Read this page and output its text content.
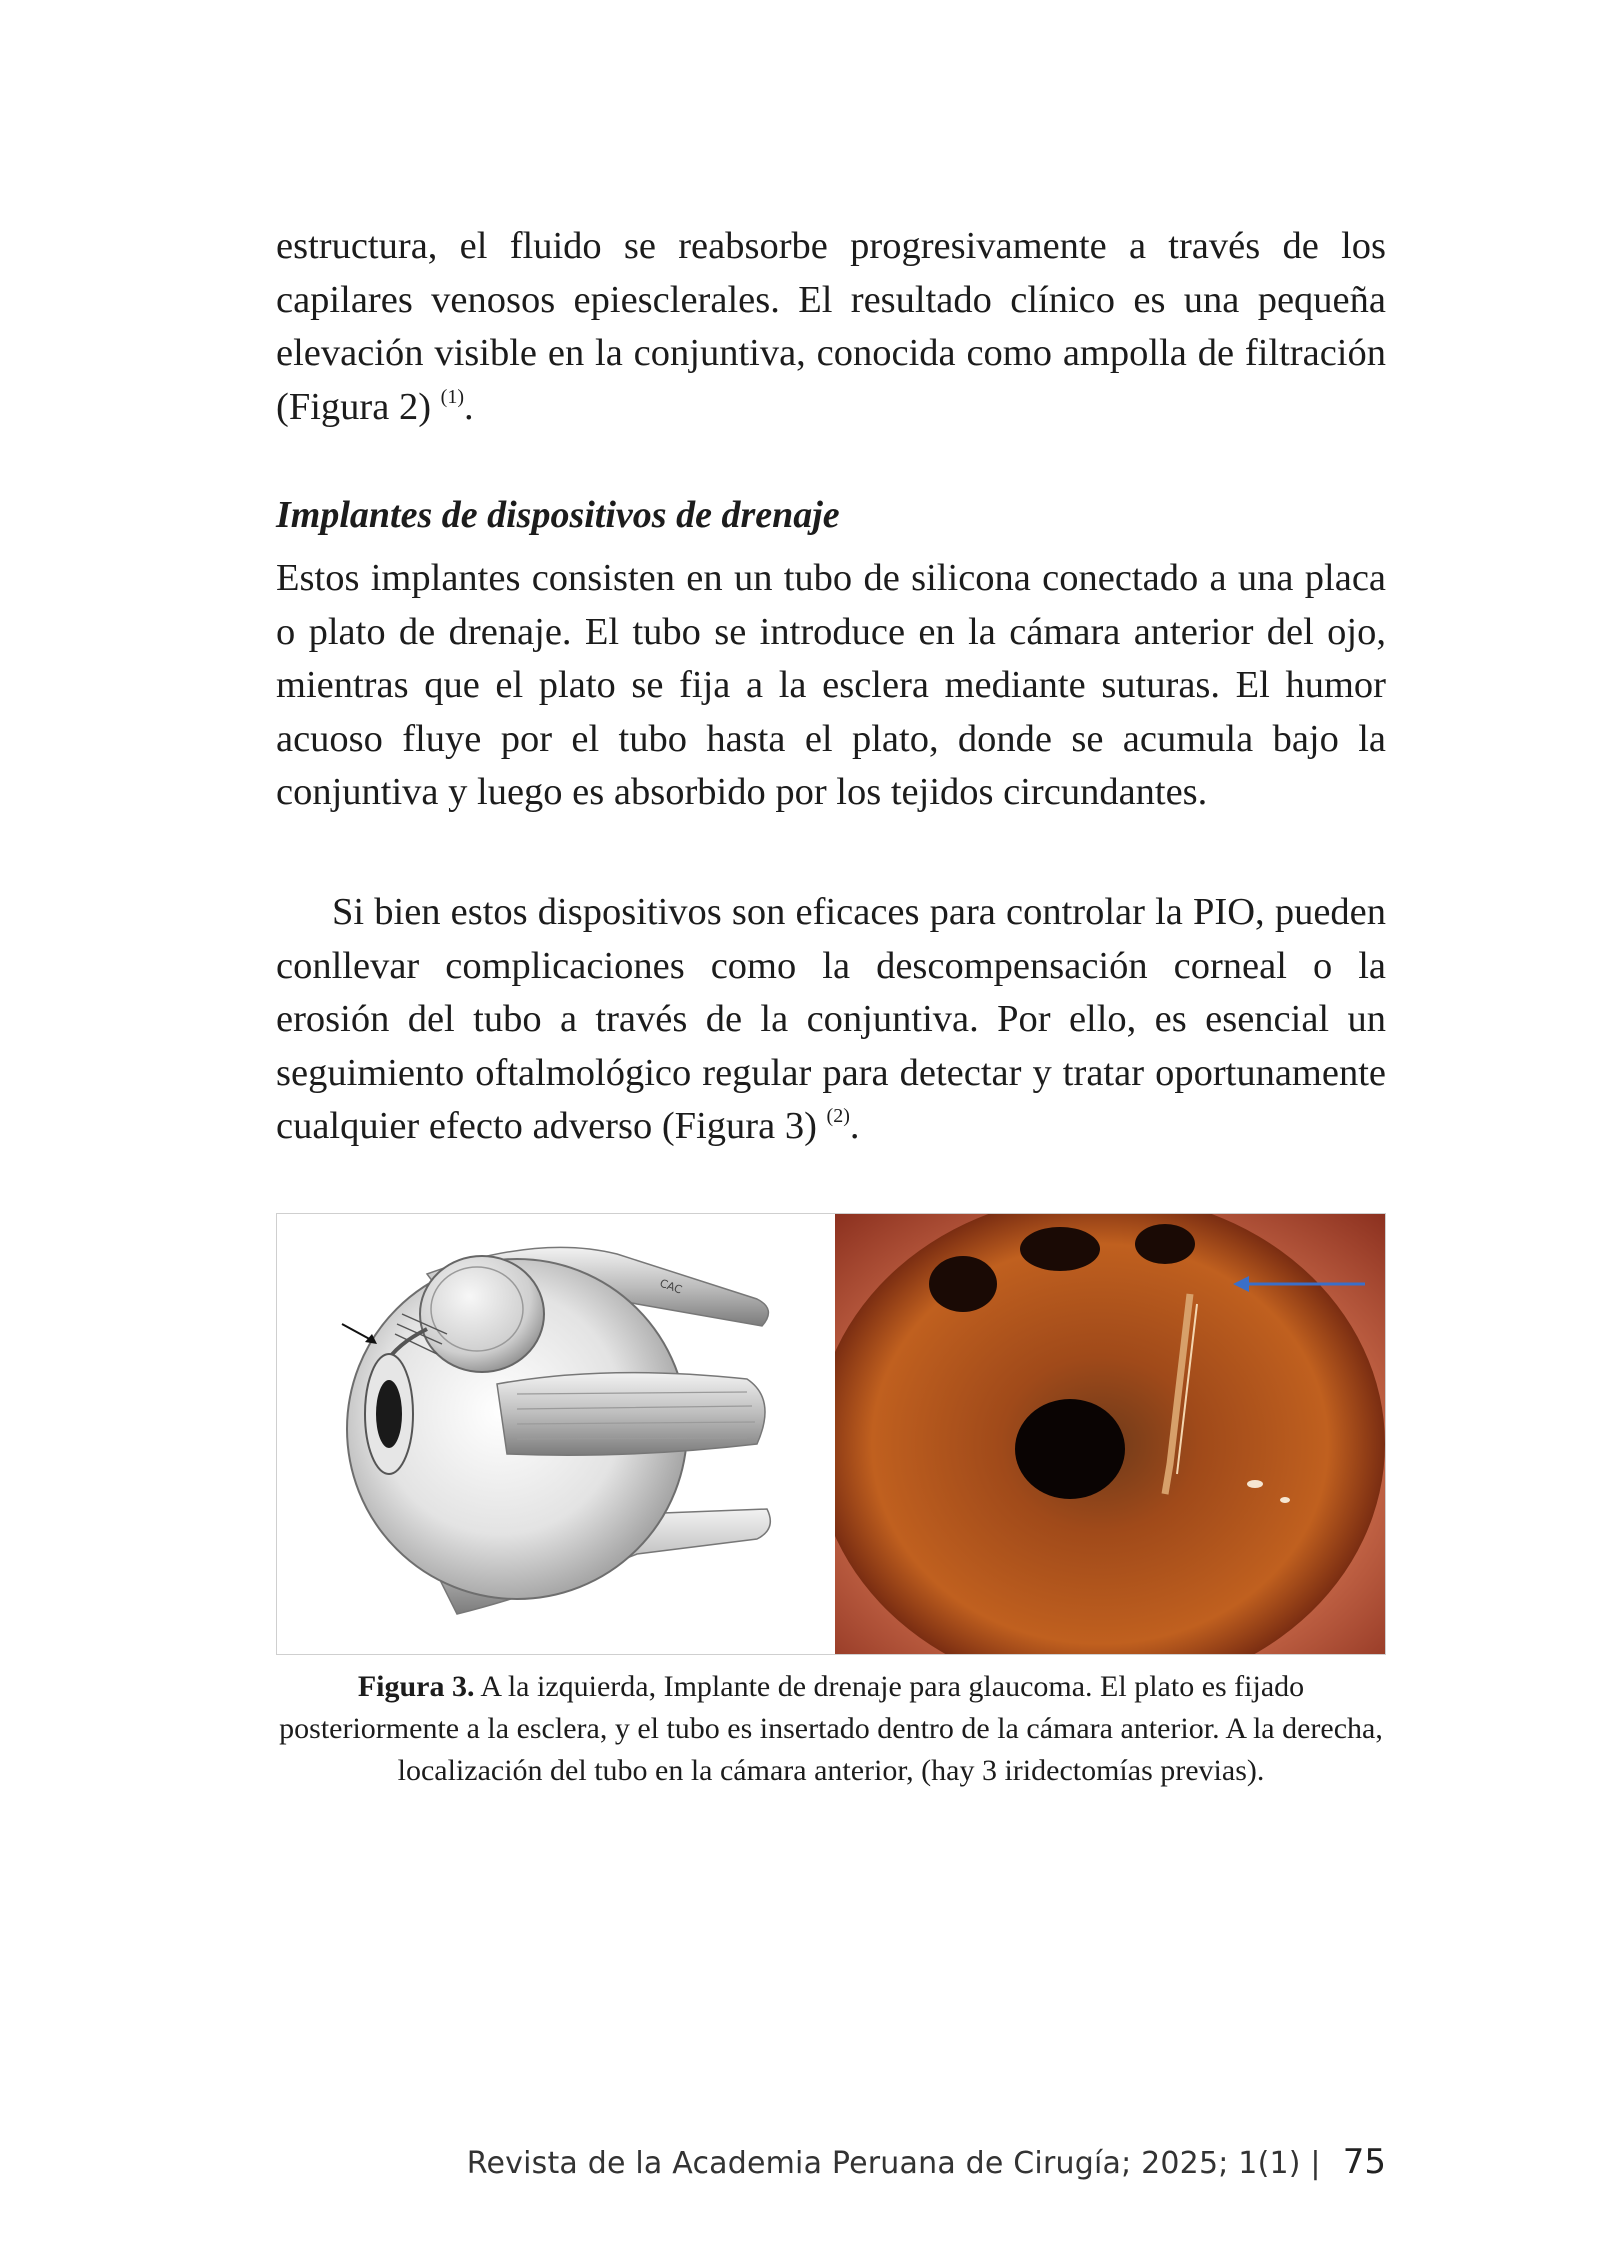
estructura, el fluido se reabsorbe progresivamente a través de los capilares venosos epiesclerales. El resultado clínico es una pequeña elevación visible en la conjuntiva, conocida como ampolla de filtración (Figura 2) $^{(1)}$.

Implantes de dispositivos de drenaje

Estos implantes consisten en un tubo de silicona conectado a una placa o plato de drenaje. El tubo se introduce en la cámara anterior del ojo, mientras que el plato se fija a la esclera mediante suturas. El humor acuoso fluye por el tubo hasta el plato, donde se acumula bajo la conjuntiva y luego es absorbido por los tejidos circundantes.

Si bien estos dispositivos son eficaces para controlar la PIO, pueden conllevar complicaciones como la descompensación corneal o la erosión del tubo a través de la conjuntiva. Por ello, es esencial un seguimiento oftalmológico regular para detectar y tratar oportunamente cualquier efecto adverso (Figura 3) $^{(2)}$.

CAC

Figura 3. A la izquierda, Implante de drenaje para glaucoma. El plato es fijado posteriormente a la esclera, y el tubo es insertado dentro de la cámara anterior. A la derecha, localización del tubo en la cámara anterior, (hay 3 iridectomías previas).

Revista de la Academia Peruana de Cirugía; 2025; 1(1) | 75
